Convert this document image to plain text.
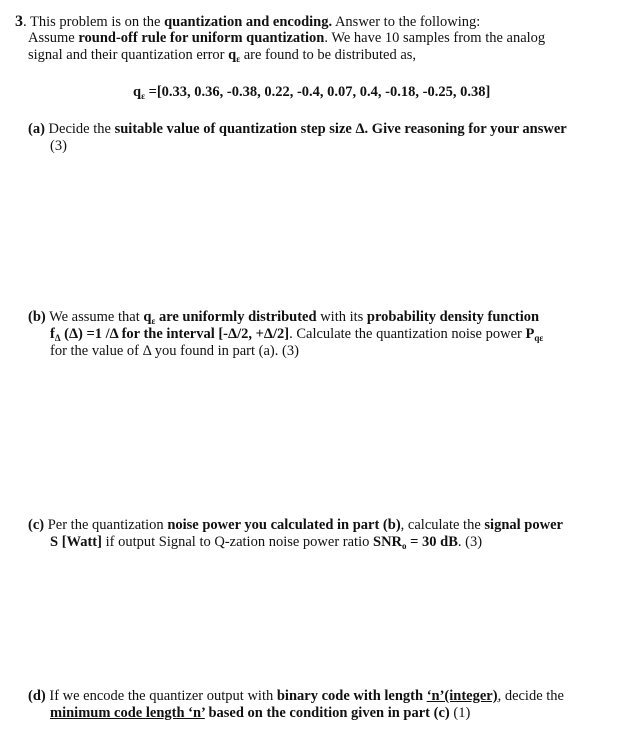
3. This problem is on the quantization and encoding. Answer to the following:
Assume round-off rule for uniform quantization. We have 10 samples from the analog
signal and their quantization error $q_\varepsilon$ are found to be distributed as,
$q_\varepsilon =[0.33$, 0.36, -0.38, 0.22, -0.4, 0.07, 0.4, -0.18, -0.25, 0.38]
(a) Decide the suitable value of quantization step size Δ. Give reasoning for your answer
(3)
(b) We assume that $q_\varepsilon$ are uniformly distributed with its probability density function
$f_\Delta$ (Δ) =1 /Δ for the interval [-Δ/2, +Δ/2]. Calculate the quantization noise power $P_{q\varepsilon}$
for the value of Δ you found in part (a). (3)
(c) Per the quantization noise power you calculated in part (b), calculate the signal power
S [Watt] if output Signal to Q-zation noise power ratio $SNR_o = 30$ dB. (3)
(d) If we encode the quantizer output with binary code with length ‘n’(integer), decide the
minimum code length ‘n’ based on the condition given in part (c) (1)
